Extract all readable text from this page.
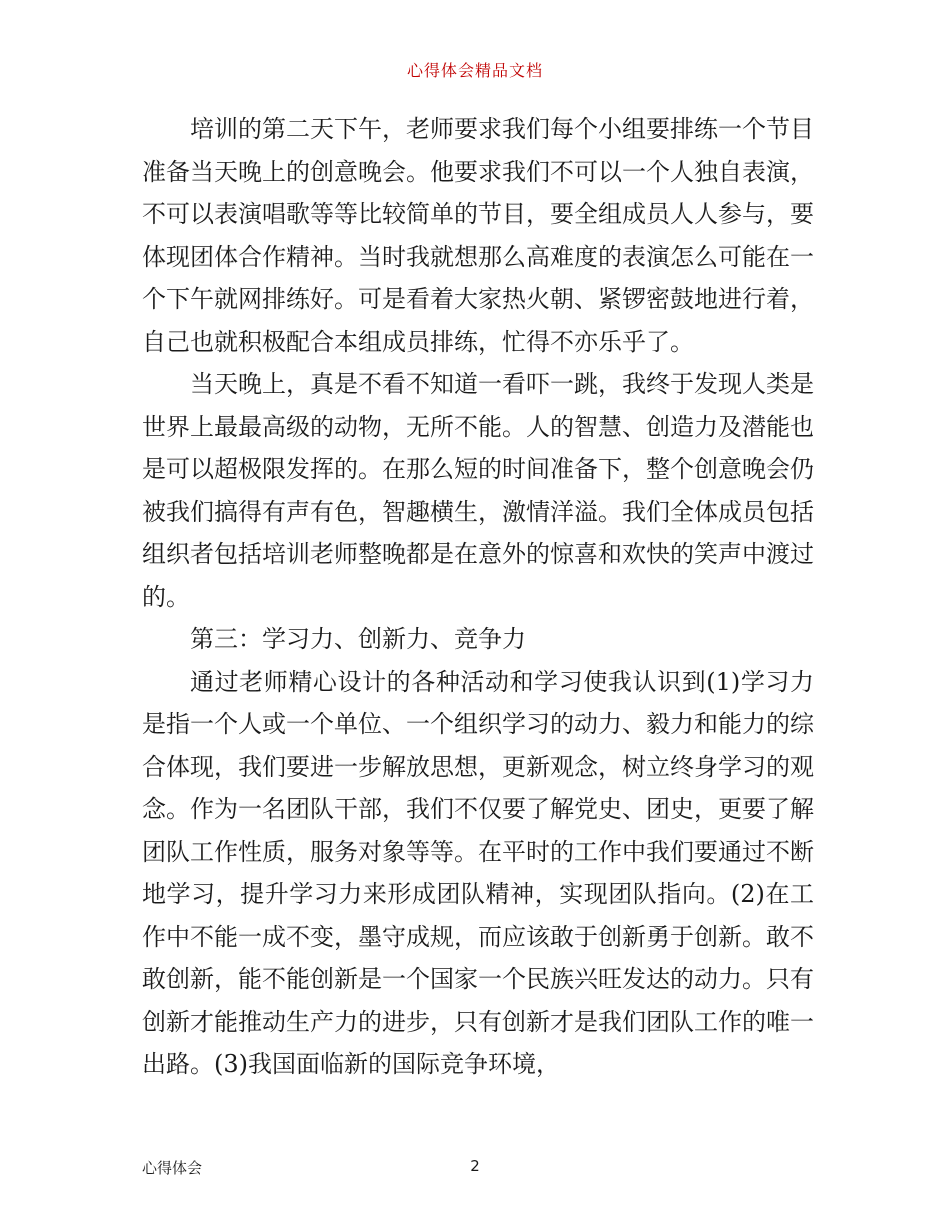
心得体会精品文档

培训的第二天下午，老师要求我们每个小组要排练一个节目准备当天晚上的创意晚会。他要求我们不可以一个人独自表演，不可以表演唱歌等等比较简单的节目，要全组成员人人参与，要体现团体合作精神。当时我就想那么高难度的表演怎么可能在一个下午就网排练好。可是看着大家热火朝、紧锣密鼓地进行着，自己也就积极配合本组成员排练，忙得不亦乐乎了。

当天晚上，真是不看不知道一看吓一跳，我终于发现人类是世界上最最高级的动物，无所不能。人的智慧、创造力及潜能也是可以超极限发挥的。在那么短的时间准备下，整个创意晚会仍被我们搞得有声有色，智趣横生，激情洋溢。我们全体成员包括组织者包括培训老师整晚都是在意外的惊喜和欢快的笑声中渡过的。

第三：学习力、创新力、竞争力

通过老师精心设计的各种活动和学习使我认识到(1)学习力是指一个人或一个单位、一个组织学习的动力、毅力和能力的综合体现，我们要进一步解放思想，更新观念，树立终身学习的观念。作为一名团队干部，我们不仅要了解党史、团史，更要了解团队工作性质，服务对象等等。在平时的工作中我们要通过不断地学习，提升学习力来形成团队精神，实现团队指向。(2)在工作中不能一成不变，墨守成规，而应该敢于创新勇于创新。敢不敢创新，能不能创新是一个国家一个民族兴旺发达的动力。只有创新才能推动生产力的进步，只有创新才是我们团队工作的唯一出路。(3)我国面临新的国际竞争环境，

心得体会	2
